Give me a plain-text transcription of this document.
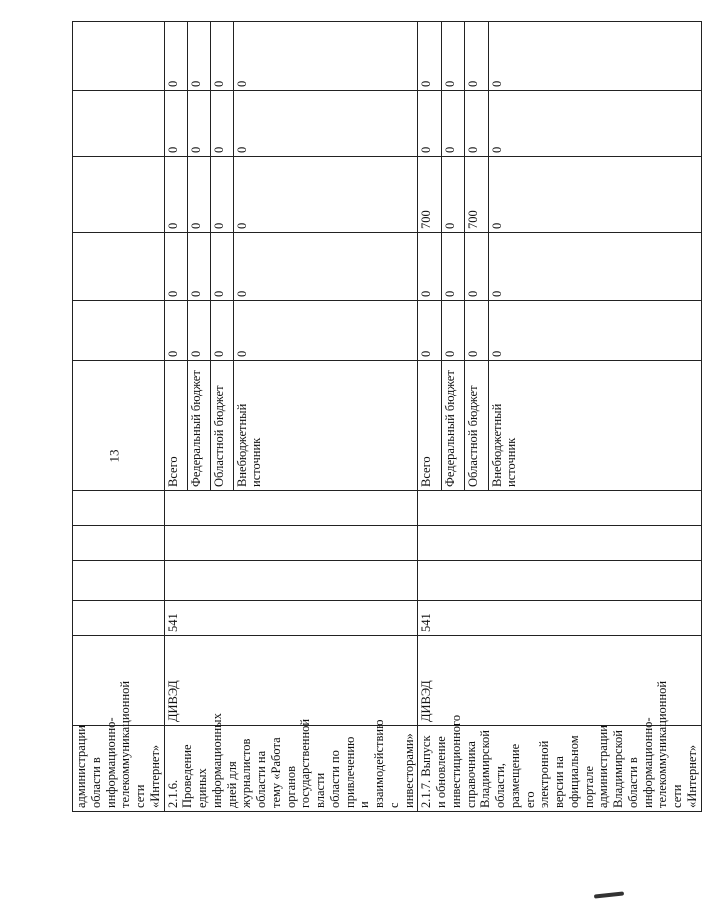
13
администрации области в информационно-телекоммуникационной сети «Интернет»											
2.1.6. Проведение единых информационных дней для журналистов области на тему «Работа органов государственной власти области по привлечению и взаимодействию с инвесторами»	ДИВЭД	541				Всего	0	0	0	0	0
						Федеральный бюджет	0	0	0	0	0
						Областной бюджет	0	0	0	0	0
						Внебюджетный источник	0	0	0	0	0
2.1.7. Выпуск и обновление инвестиционного справочника Владимирской области, размещение его электронной версии на официальном портале администрации Владимирской области в информационно-телекоммуникационной сети «Интернет»	ДИВЭД	541				Всего	0	0	700	0	0
						Федеральный бюджет	0	0	0	0	0
						Областной бюджет	0	0	700	0	0
						Внебюджетный источник	0	0	0	0	0
